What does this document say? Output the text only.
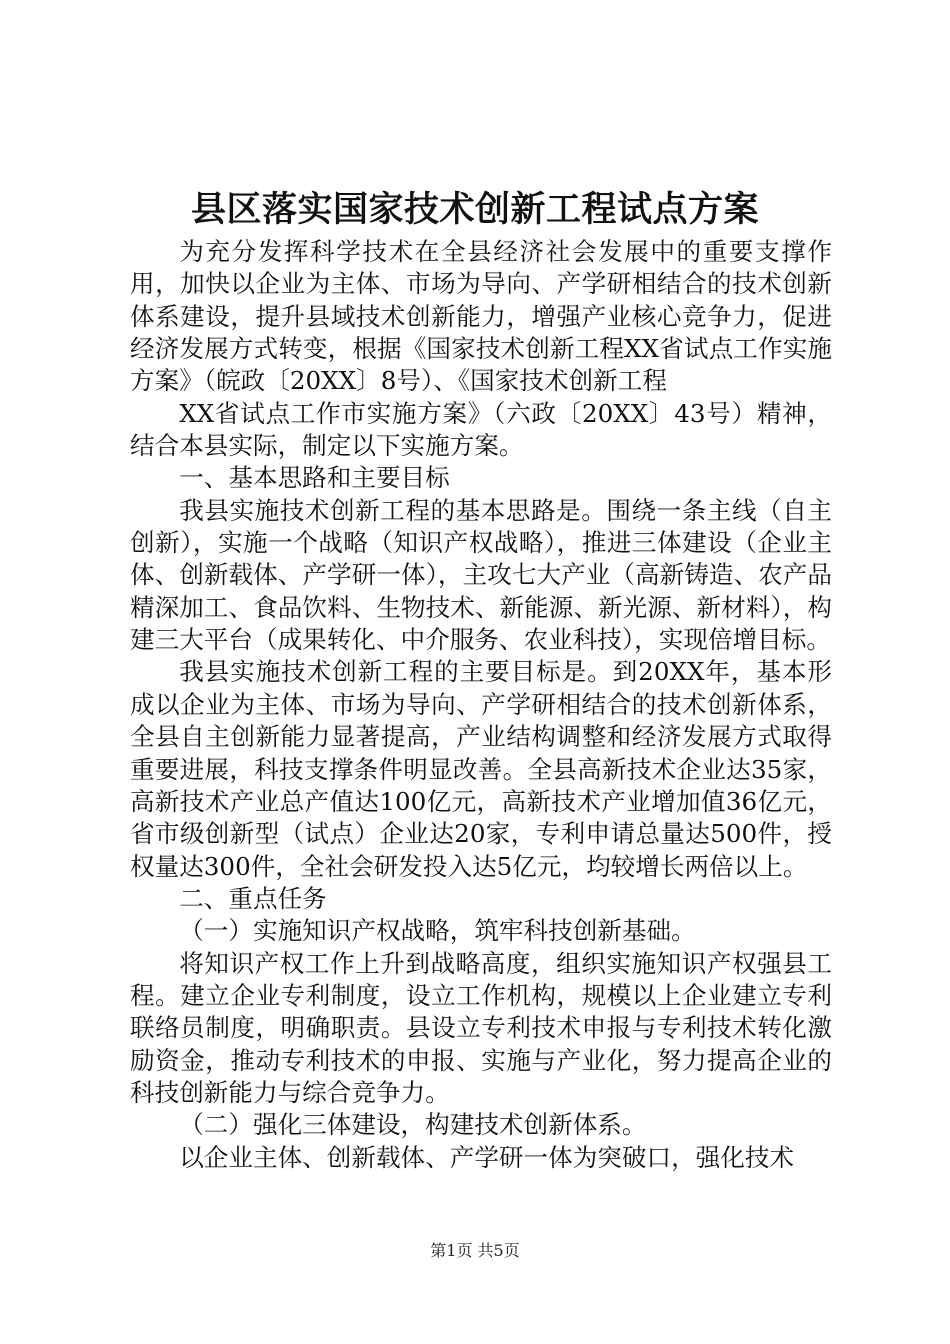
县区落实国家技术创新工程试点方案

为充分发挥科学技术在全县经济社会发展中的重要支撑作用，加快以企业为主体、市场为导向、产学研相结合的技术创新体系建设，提升县域技术创新能力，增强产业核心竞争力，促进经济发展方式转变，根据《国家技术创新工程XX省试点工作实施方案》（皖政〔20XX〕8号）、《国家技术创新工程

XX省试点工作市实施方案》（六政〔20XX〕43号）精神，结合本县实际，制定以下实施方案。

一、基本思路和主要目标

我县实施技术创新工程的基本思路是。围绕一条主线（自主创新），实施一个战略（知识产权战略），推进三体建设（企业主体、创新载体、产学研一体），主攻七大产业（高新铸造、农产品精深加工、食品饮料、生物技术、新能源、新光源、新材料），构建三大平台（成果转化、中介服务、农业科技），实现倍增目标。

我县实施技术创新工程的主要目标是。到20XX年，基本形成以企业为主体、市场为导向、产学研相结合的技术创新体系，全县自主创新能力显著提高，产业结构调整和经济发展方式取得重要进展，科技支撑条件明显改善。全县高新技术企业达35家，高新技术产业总产值达100亿元，高新技术产业增加值36亿元，省市级创新型（试点）企业达20家，专利申请总量达500件，授权量达300件，全社会研发投入达5亿元，均较增长两倍以上。

二、重点任务

（一）实施知识产权战略，筑牢科技创新基础。

将知识产权工作上升到战略高度，组织实施知识产权强县工程。建立企业专利制度，设立工作机构，规模以上企业建立专利联络员制度，明确职责。县设立专利技术申报与专利技术转化激励资金，推动专利技术的申报、实施与产业化，努力提高企业的科技创新能力与综合竞争力。

（二）强化三体建设，构建技术创新体系。

以企业主体、创新载体、产学研一体为突破口，强化技术

第1页 共5页
